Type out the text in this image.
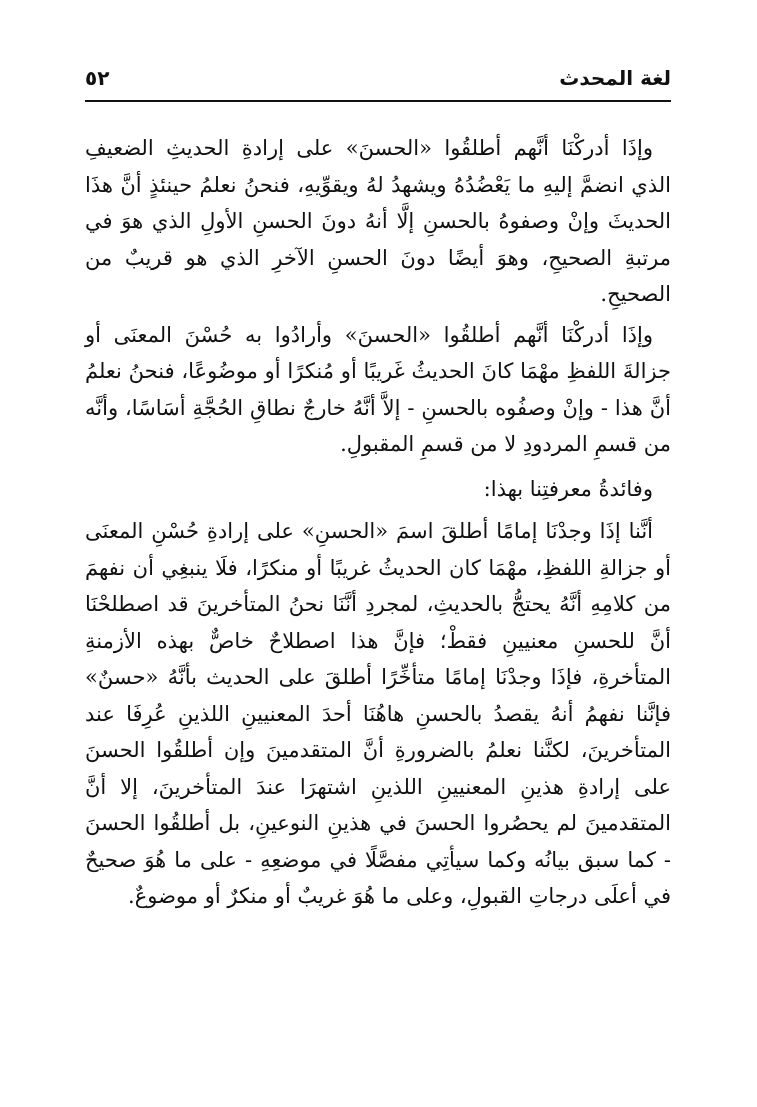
٥٢	لغة المحدث

وإذَا أدركْنَا أنَّهم أطلقُوا «الحسنَ» على إرادةِ الحديثِ الضعيفِ الذي انضمَّ إليهِ ما يَعْضُدُهُ ويشهدُ لهُ ويقوِّيهِ، فنحنُ نعلمُ حينئذٍ أنَّ هذَا الحديثَ وإنْ وصفوهُ بالحسنِ إلَّا أنهُ دونَ الحسنِ الأولِ الذي هوَ في مرتبةِ الصحيحِ، وهوَ أيضًا دونَ الحسنِ الآخرِ الذي هو قريبٌ من الصحيحِ.

وإذَا أدركْنَا أنَّهم أطلقُوا «الحسنَ» وأرادُوا به حُسْنَ المعنَى أو جزالةَ اللفظِ مهْمَا كانَ الحديثُ غَريبًا أو مُنكرًا أو موضُوعًا، فنحنُ نعلمُ أنَّ هذا - وإنْ وصفُوه بالحسنِ - إلاَّ أنَّهُ خارجٌ نطاقِ الحُجَّةِ أسَاسًا، وأنَّه من قسمِ المردودِ لا من قسمِ المقبولِ.

وفائدةُ معرفتِنا بهذا:

أنَّنا إذَا وجدْنَا إمامًا أطلقَ اسمَ «الحسنِ» على إرادةِ حُسْنِ المعنَى أو جزالةِ اللفظِ، مهْمَا كان الحديثُ غريبًا أو منكرًا، فلَا ينبغِي أن نفهمَ من كلامِهِ أنَّهُ يحتجُّ بالحديثِ، لمجردِ أنَّنَا نحنُ المتأخرينَ قد اصطلحْنَا أنَّ للحسنِ معنيينِ فقطْ؛ فإنَّ هذا اصطلاحٌ خاصٌّ بهذه الأزمنةِ المتأخرةِ، فإذَا وجدْنَا إمامًا متأخِّرًا أطلقَ على الحديث بأنَّهُ «حسنٌ» فإنَّنا نفهمُ أنهُ يقصدُ بالحسنِ هاهُنَا أحدَ المعنيينِ اللذينِ عُرِفَا عند المتأخرينَ، لكنَّنا نعلمُ بالضرورةِ أنَّ المتقدمينَ وإن أطلقُوا الحسنَ على إرادةِ هذينِ المعنيينِ اللذينِ اشتهرَا عندَ المتأخرينَ، إلا أنَّ المتقدمينَ لم يحصُروا الحسنَ في هذينِ النوعينِ، بل أطلقُوا الحسنَ - كما سبق بيانُه وكما سيأتِي مفصَّلًا في موضعِهِ - على ما هُوَ صحيحٌ في أعلَى درجاتِ القبولِ، وعلى ما هُوَ غريبٌ أو منكرٌ أو موضوعٌ.
